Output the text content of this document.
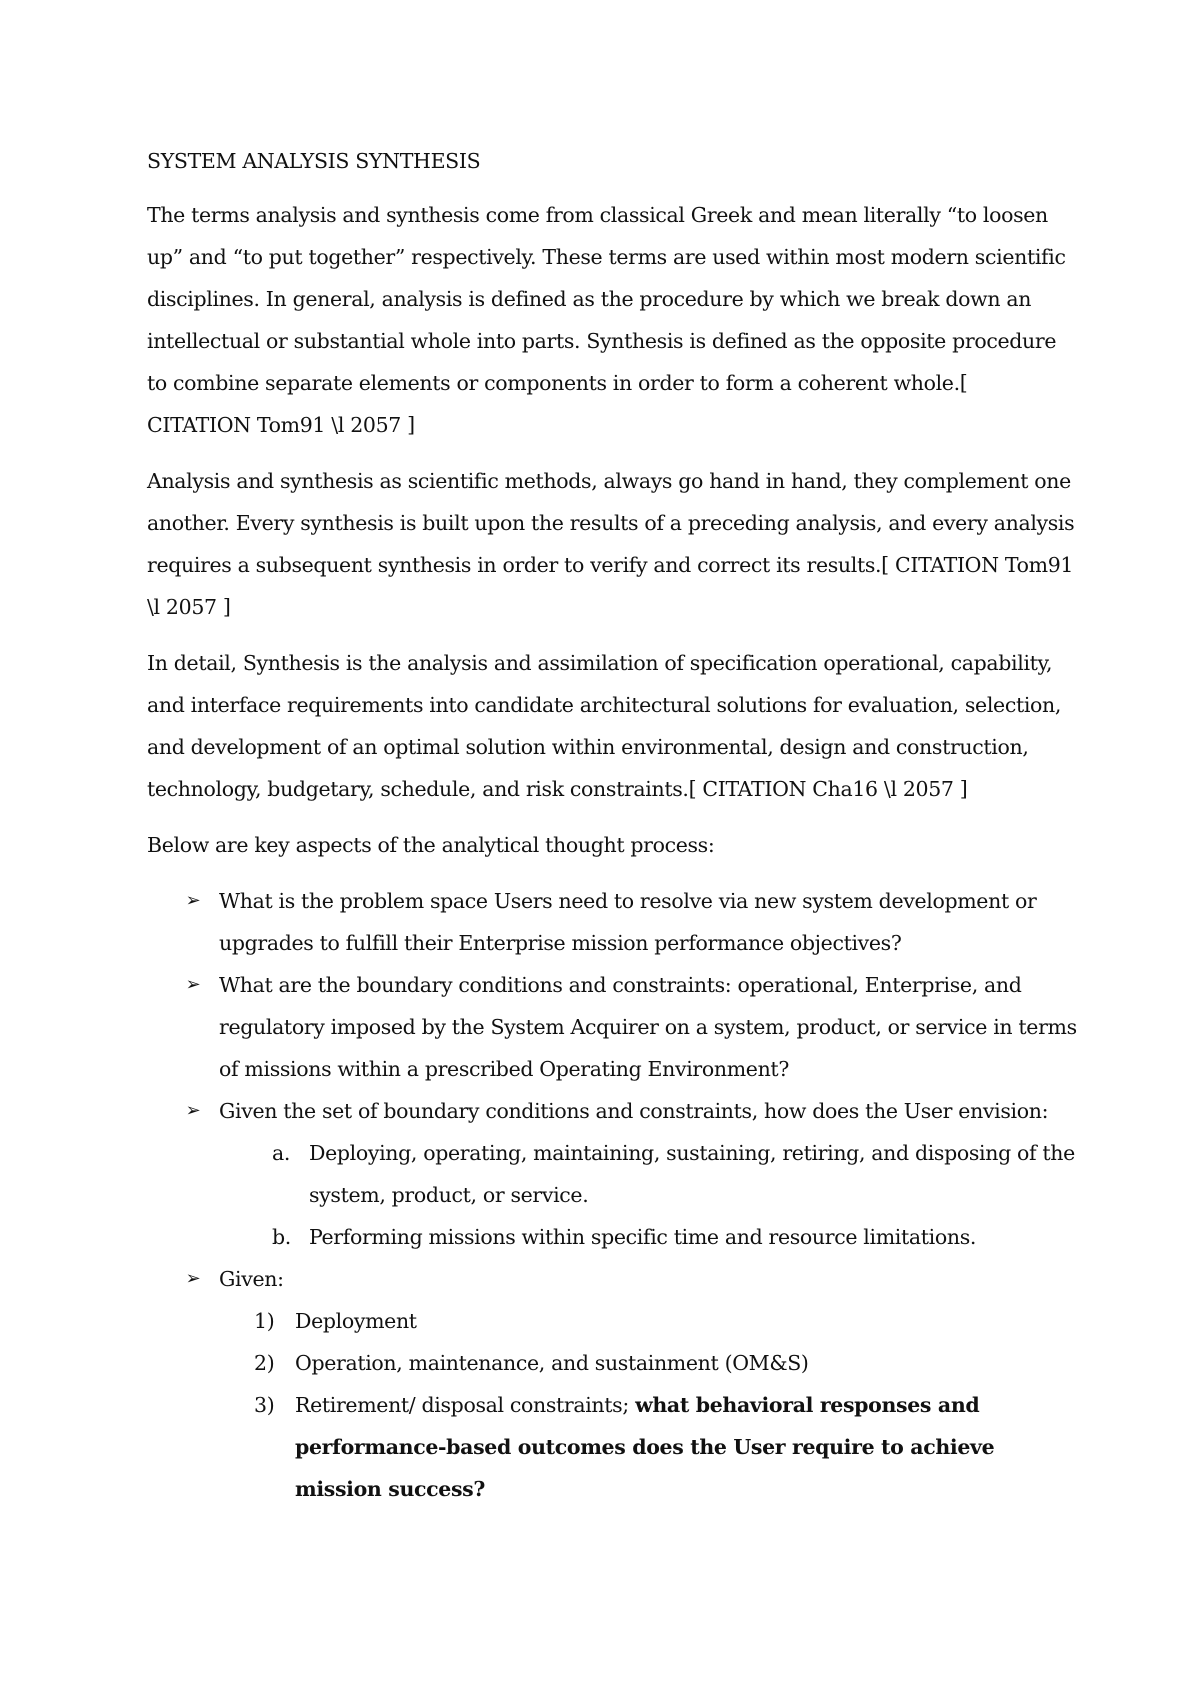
SYSTEM ANALYSIS SYNTHESIS

The terms analysis and synthesis come from classical Greek and mean literally “to loosen up” and “to put together” respectively. These terms are used within most modern scientific disciplines. In general, analysis is defined as the procedure by which we break down an intellectual or substantial whole into parts. Synthesis is defined as the opposite procedure to combine separate elements or components in order to form a coherent whole.[ CITATION Tom91 \l 2057 ]

Analysis and synthesis as scientific methods, always go hand in hand, they complement one another. Every synthesis is built upon the results of a preceding analysis, and every analysis requires a subsequent synthesis in order to verify and correct its results.[ CITATION Tom91 \l 2057 ]

In detail, Synthesis is the analysis and assimilation of specification operational, capability, and interface requirements into candidate architectural solutions for evaluation, selection, and development of an optimal solution within environmental, design and construction, technology, budgetary, schedule, and risk constraints.[ CITATION Cha16 \l 2057 ]

Below are key aspects of the analytical thought process:

➢ What is the problem space Users need to resolve via new system development or upgrades to fulfill their Enterprise mission performance objectives?
➢ What are the boundary conditions and constraints: operational, Enterprise, and regulatory imposed by the System Acquirer on a system, product, or service in terms of missions within a prescribed Operating Environment?
➢ Given the set of boundary conditions and constraints, how does the User envision:
a. Deploying, operating, maintaining, sustaining, retiring, and disposing of the system, product, or service.
b. Performing missions within specific time and resource limitations.
➢ Given:
1) Deployment
2) Operation, maintenance, and sustainment (OM&S)
3) Retirement/ disposal constraints; what behavioral responses and performance-based outcomes does the User require to achieve mission success?
